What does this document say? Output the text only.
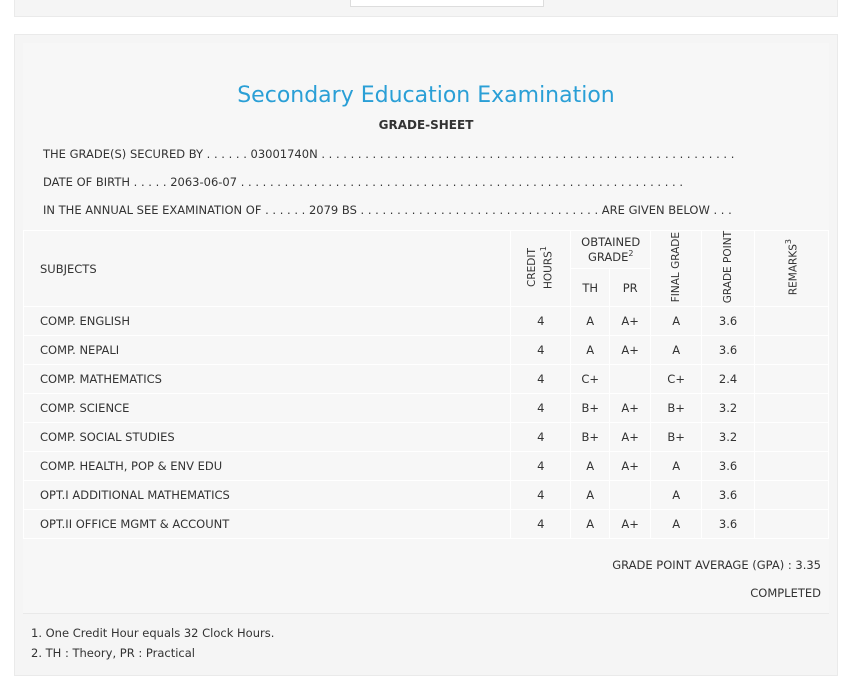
Secondary Education Examination
GRADE-SHEET
THE GRADE(S) SECURED BY . . . . . . 03001740N . . . . . . . . . . . . . . . . . . . . . . . . . . . . . . . . . . . . . . . . . . . . . . . . . . . . . . . . .
DATE OF BIRTH . . . . . 2063-06-07 . . . . . . . . . . . . . . . . . . . . . . . . . . . . . . . . . . . . . . . . . . . . . . . . . . . . . . . . . . . . .
IN THE ANNUAL SEE EXAMINATION OF . . . . . . 2079 BS . . . . . . . . . . . . . . . . . . . . . . . . . . . . . . . . . ARE GIVEN BELOW . . .
SUBJECTS	CREDIT HOURS$^1$	OBTAINED GRADE$^2$		FINAL GRADE	GRADE POINT	REMARKS$^3$
		TH	PR			
COMP. ENGLISH	4	A	A+	A	3.6	
COMP. NEPALI	4	A	A+	A	3.6	
COMP. MATHEMATICS	4	C+		C+	2.4	
COMP. SCIENCE	4	B+	A+	B+	3.2	
COMP. SOCIAL STUDIES	4	B+	A+	B+	3.2	
COMP. HEALTH, POP & ENV EDU	4	A	A+	A	3.6	
OPT.I ADDITIONAL MATHEMATICS	4	A		A	3.6	
OPT.II OFFICE MGMT & ACCOUNT	4	A	A+	A	3.6	
GRADE POINT AVERAGE (GPA) : 3.35
COMPLETED
1. One Credit Hour equals 32 Clock Hours.
2. TH : Theory, PR : Practical
